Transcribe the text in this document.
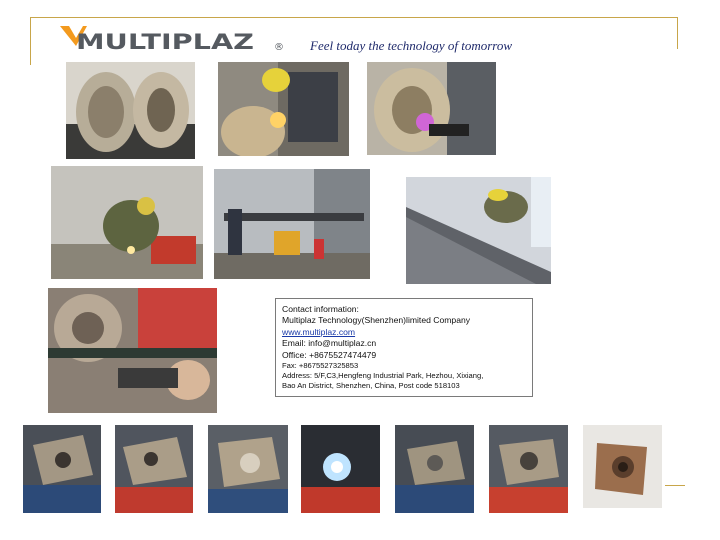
MULTIPLAZ ® Feel today the technology of tomorrow
Contact information:
Multiplaz Technology(Shenzhen)limited Company
www.multiplaz.com
Email: info@multiplaz.cn
Office: +8675527474479
Fax: +8675527325853
Address: 5/F,C3,Hengfeng Industrial Park, Hezhou, Xixiang,
Bao An District, Shenzhen, China, Post code 518103
